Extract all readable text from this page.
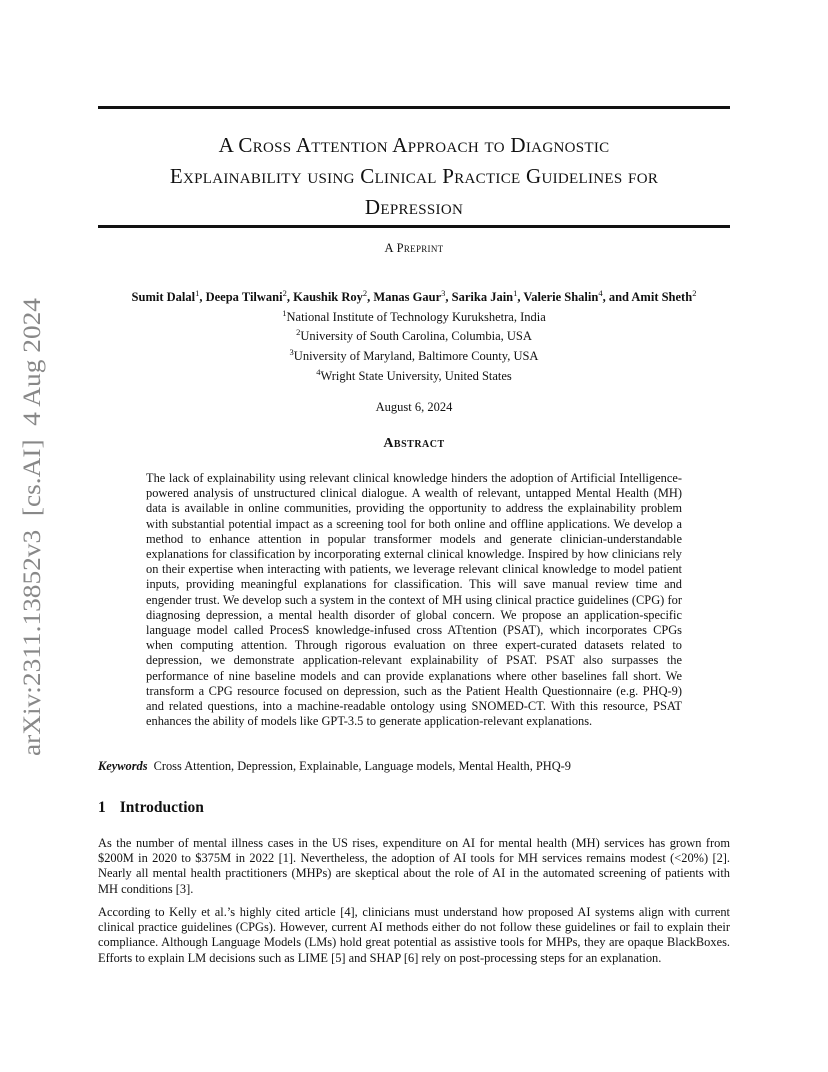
A Cross Attention Approach to Diagnostic
Explainability using Clinical Practice Guidelines for
Depression
A Preprint
Sumit Dalal$^1$, Deepa Tilwani$^2$, Kaushik Roy$^2$, Manas Gaur$^3$, Sarika Jain$^1$, Valerie Shalin$^4$, and Amit Sheth$^2$
$^1$National Institute of Technology Kurukshetra, India
$^2$University of South Carolina, Columbia, USA
$^3$University of Maryland, Baltimore County, USA
$^4$Wright State University, United States
August 6, 2024
Abstract
The lack of explainability using relevant clinical knowledge hinders the adoption of Artificial Intelligence-powered analysis of unstructured clinical dialogue. A wealth of relevant, untapped Mental Health (MH) data is available in online communities, providing the opportunity to address the explainability problem with substantial potential impact as a screening tool for both online and offline applications. We develop a method to enhance attention in popular transformer models and generate clinician-understandable explanations for classification by incorporating external clinical knowledge. Inspired by how clinicians rely on their expertise when interacting with patients, we leverage relevant clinical knowledge to model patient inputs, providing meaningful explanations for classification. This will save manual review time and engender trust. We develop such a system in the context of MH using clinical practice guidelines (CPG) for diagnosing depression, a mental health disorder of global concern. We propose an application-specific language model called ProcesS knowledge-infused cross ATtention (PSAT), which incorporates CPGs when computing attention. Through rigorous evaluation on three expert-curated datasets related to depression, we demonstrate application-relevant explainability of PSAT. PSAT also surpasses the performance of nine baseline models and can provide explanations where other baselines fall short. We transform a CPG resource focused on depression, such as the Patient Health Questionnaire (e.g. PHQ-9) and related questions, into a machine-readable ontology using SNOMED-CT. With this resource, PSAT enhances the ability of models like GPT-3.5 to generate application-relevant explanations.
Keywords Cross Attention, Depression, Explainable, Language models, Mental Health, PHQ-9
1 Introduction

As the number of mental illness cases in the US rises, expenditure on AI for mental health (MH) services has grown from $200M in 2020 to $375M in 2022 [1]. Nevertheless, the adoption of AI tools for MH services remains modest (<20%) [2]. Nearly all mental health practitioners (MHPs) are skeptical about the role of AI in the automated screening of patients with MH conditions [3].

According to Kelly et al.’s highly cited article [4], clinicians must understand how proposed AI systems align with current clinical practice guidelines (CPGs). However, current AI methods either do not follow these guidelines or fail to explain their compliance. Although Language Models (LMs) hold great potential as assistive tools for MHPs, they are opaque BlackBoxes. Efforts to explain LM decisions such as LIME [5] and SHAP [6] rely on post-processing steps for an explanation.

arXiv:2311.13852v3  [cs.AI]  4 Aug 2024
